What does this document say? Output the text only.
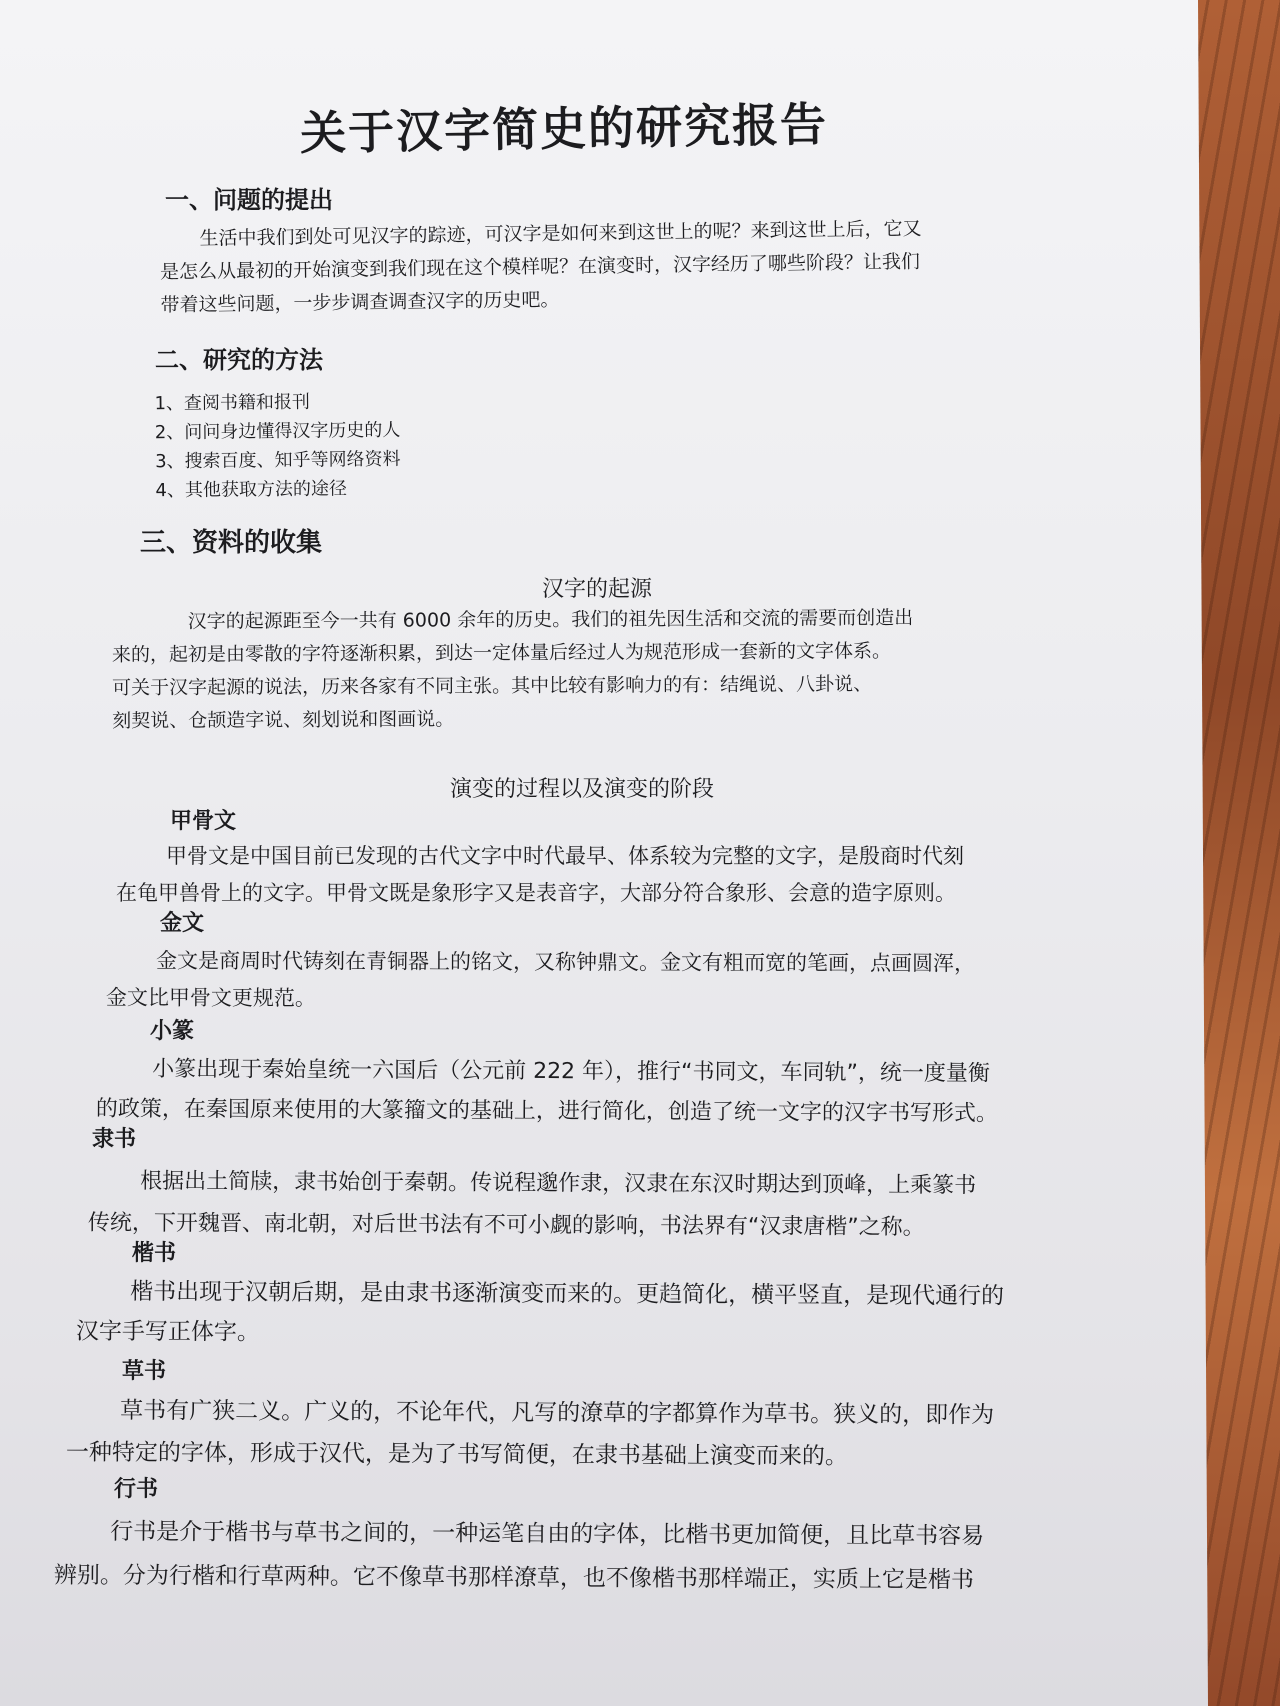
关于汉字简史的研究报告
一、问题的提出
生活中我们到处可见汉字的踪迹，可汉字是如何来到这世上的呢？来到这世上后，它又
是怎么从最初的开始演变到我们现在这个模样呢？在演变时，汉字经历了哪些阶段？让我们
带着这些问题，一步步调查调查汉字的历史吧。
二、研究的方法
1、查阅书籍和报刊
2、问问身边懂得汉字历史的人
3、搜索百度、知乎等网络资料
4、其他获取方法的途径
三、资料的收集
汉字的起源
汉字的起源距至今一共有 6000 余年的历史。我们的祖先因生活和交流的需要而创造出
来的，起初是由零散的字符逐渐积累，到达一定体量后经过人为规范形成一套新的文字体系。
可关于汉字起源的说法，历来各家有不同主张。其中比较有影响力的有：结绳说、八卦说、
刻契说、仓颉造字说、刻划说和图画说。
演变的过程以及演变的阶段
甲骨文
甲骨文是中国目前已发现的古代文字中时代最早、体系较为完整的文字，是殷商时代刻
在龟甲兽骨上的文字。甲骨文既是象形字又是表音字，大部分符合象形、会意的造字原则。
金文
金文是商周时代铸刻在青铜器上的铭文，又称钟鼎文。金文有粗而宽的笔画，点画圆浑，
金文比甲骨文更规范。
小篆
小篆出现于秦始皇统一六国后（公元前 222 年），推行“书同文，车同轨”，统一度量衡
的政策，在秦国原来使用的大篆籀文的基础上，进行简化，创造了统一文字的汉字书写形式。
隶书
根据出土简牍，隶书始创于秦朝。传说程邈作隶，汉隶在东汉时期达到顶峰，上乘篆书
传统，下开魏晋、南北朝，对后世书法有不可小觑的影响，书法界有“汉隶唐楷”之称。
楷书
楷书出现于汉朝后期，是由隶书逐渐演变而来的。更趋简化，横平竖直，是现代通行的
汉字手写正体字。
草书
草书有广狭二义。广义的，不论年代，凡写的潦草的字都算作为草书。狭义的，即作为
一种特定的字体，形成于汉代，是为了书写简便，在隶书基础上演变而来的。
行书
行书是介于楷书与草书之间的，一种运笔自由的字体，比楷书更加简便，且比草书容易
辨别。分为行楷和行草两种。它不像草书那样潦草，也不像楷书那样端正，实质上它是楷书
